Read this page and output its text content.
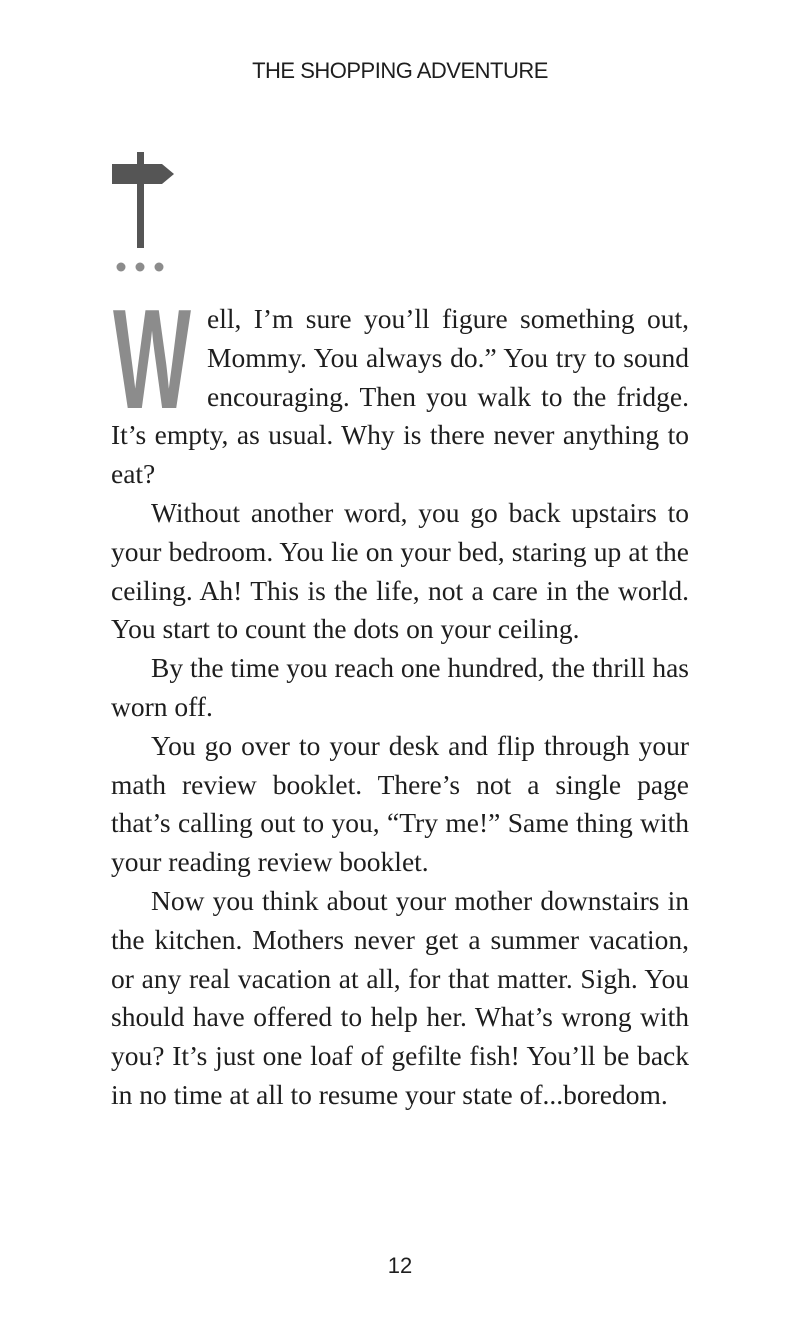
THE SHOPPING ADVENTURE

W ell, I’m sure you’ll figure something out, Mommy. You always do.” You try to sound encouraging. Then you walk to the fridge. It’s empty, as usual. Why is there never anything to eat?

Without another word, you go back upstairs to your bedroom. You lie on your bed, staring up at the ceiling. Ah! This is the life, not a care in the world. You start to count the dots on your ceiling.

By the time you reach one hundred, the thrill has worn off.

You go over to your desk and flip through your math review booklet. There’s not a single page that’s calling out to you, “Try me!” Same thing with your reading review booklet.

Now you think about your mother downstairs in the kitchen. Mothers never get a summer vacation, or any real vacation at all, for that matter. Sigh. You should have offered to help her. What’s wrong with you? It’s just one loaf of gefilte fish! You’ll be back in no time at all to resume your state of...boredom.

12
